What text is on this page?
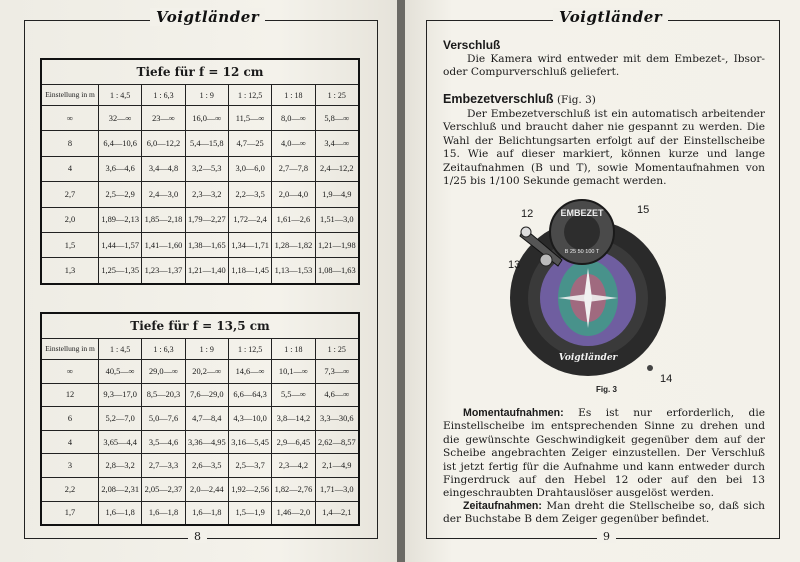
Voigtländer
8
Tiefe für f = 12 cm						
Einstellung in m	1 : 4,5	1 : 6,3	1 : 9	1 : 12,5	1 : 18	1 : 25
∞	32—∞	23—∞	16,0—∞	11,5—∞	8,0—∞	5,8—∞
8	6,4—10,6	6,0—12,2	5,4—15,8	4,7—25	4,0—∞	3,4—∞
4	3,6—4,6	3,4—4,8	3,2—5,3	3,0—6,0	2,7—7,8	2,4—12,2
2,7	2,5—2,9	2,4—3,0	2,3—3,2	2,2—3,5	2,0—4,0	1,9—4,9
2,0	1,89—2,13	1,85—2,18	1,79—2,27	1,72—2,4	1,61—2,6	1,51—3,0
1,5	1,44—1,57	1,41—1,60	1,38—1,65	1,34—1,71	1,28—1,82	1,21—1,98
1,3	1,25—1,35	1,23—1,37	1,21—1,40	1,18—1,45	1,13—1,53	1,08—1,63
Tiefe für f = 13,5 cm						
Einstellung in m	1 : 4,5	1 : 6,3	1 : 9	1 : 12,5	1 : 18	1 : 25
∞	40,5—∞	29,0—∞	20,2—∞	14,6—∞	10,1—∞	7,3—∞
12	9,3—17,0	8,5—20,3	7,6—29,0	6,6—64,3	5,5—∞	4,6—∞
6	5,2—7,0	5,0—7,6	4,7—8,4	4,3—10,0	3,8—14,2	3,3—30,6
4	3,65—4,4	3,5—4,6	3,36—4,95	3,16—5,45	2,9—6,45	2,62—8,57
3	2,8—3,2	2,7—3,3	2,6—3,5	2,5—3,7	2,3—4,2	2,1—4,9
2,2	2,08—2,31	2,05—2,37	2,0—2,44	1,92—2,56	1,82—2,76	1,71—3,0
1,7	1,6—1,8	1,6—1,8	1,6—1,8	1,5—1,9	1,46—2,0	1,4—2,1
Voigtländer
9
Verschluß
Die Kamera wird entweder mit dem Embezet-, Ibsor- oder Compurverschluß geliefert.
Embezetverschluß (Fig. 3)
Der Embezetverschluß ist ein automatisch arbeitender Verschluß und braucht daher nie gespannt zu werden. Die Wahl der Belichtungsarten erfolgt auf der Einstellscheibe 15. Wie auf dieser markiert, können kurze und lange Zeitaufnahmen (B und T), sowie Momentaufnahmen von 1/25 bis 1/100 Sekunde gemacht werden.
EMBEZET
B 25 50 100 T
Voigtländer
12	15
13
14
Fig. 3
Momentaufnahmen: Es ist nur erforderlich, die Einstellscheibe im entsprechenden Sinne zu drehen und die gewünschte Geschwindigkeit gegenüber dem auf der Scheibe angebrachten Zeiger einzustellen. Der Verschluß ist jetzt fertig für die Aufnahme und kann entweder durch Fingerdruck auf den Hebel 12 oder auf den bei 13 eingeschraubten Drahtauslöser ausgelöst werden.
Zeitaufnahmen: Man dreht die Stellscheibe so, daß sich der Buchstabe B dem Zeiger gegenüber befindet.
